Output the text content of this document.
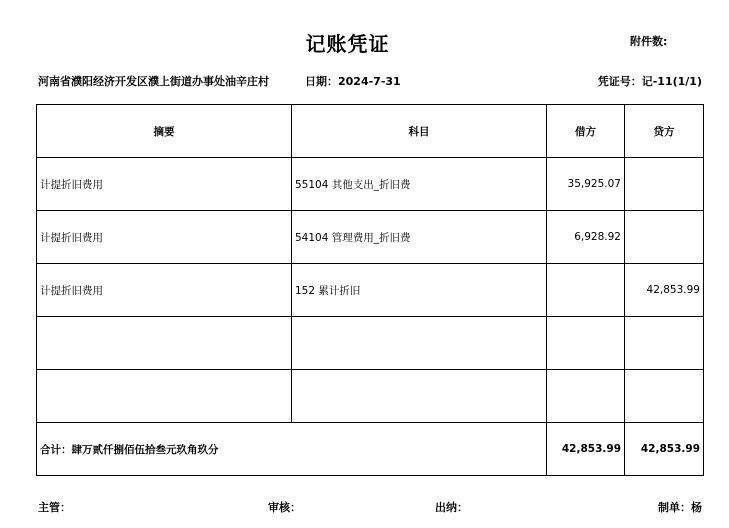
记账凭证	附件数:
河南省濮阳经济开发区濮上街道办事处油辛庄村	日期：2024-7-31	凭证号：记-11(1/1)
摘要	科目	借方	贷方
计提折旧费用	55104 其他支出_折旧费	35,925.07	
计提折旧费用	54104 管理费用_折旧费	6,928.92	
计提折旧费用	152 累计折旧		42,853.99

合计：肆万贰仟捌佰伍拾叁元玖角玖分		42,853.99	42,853.99
主管：	审核：	出纳：	制单：杨
